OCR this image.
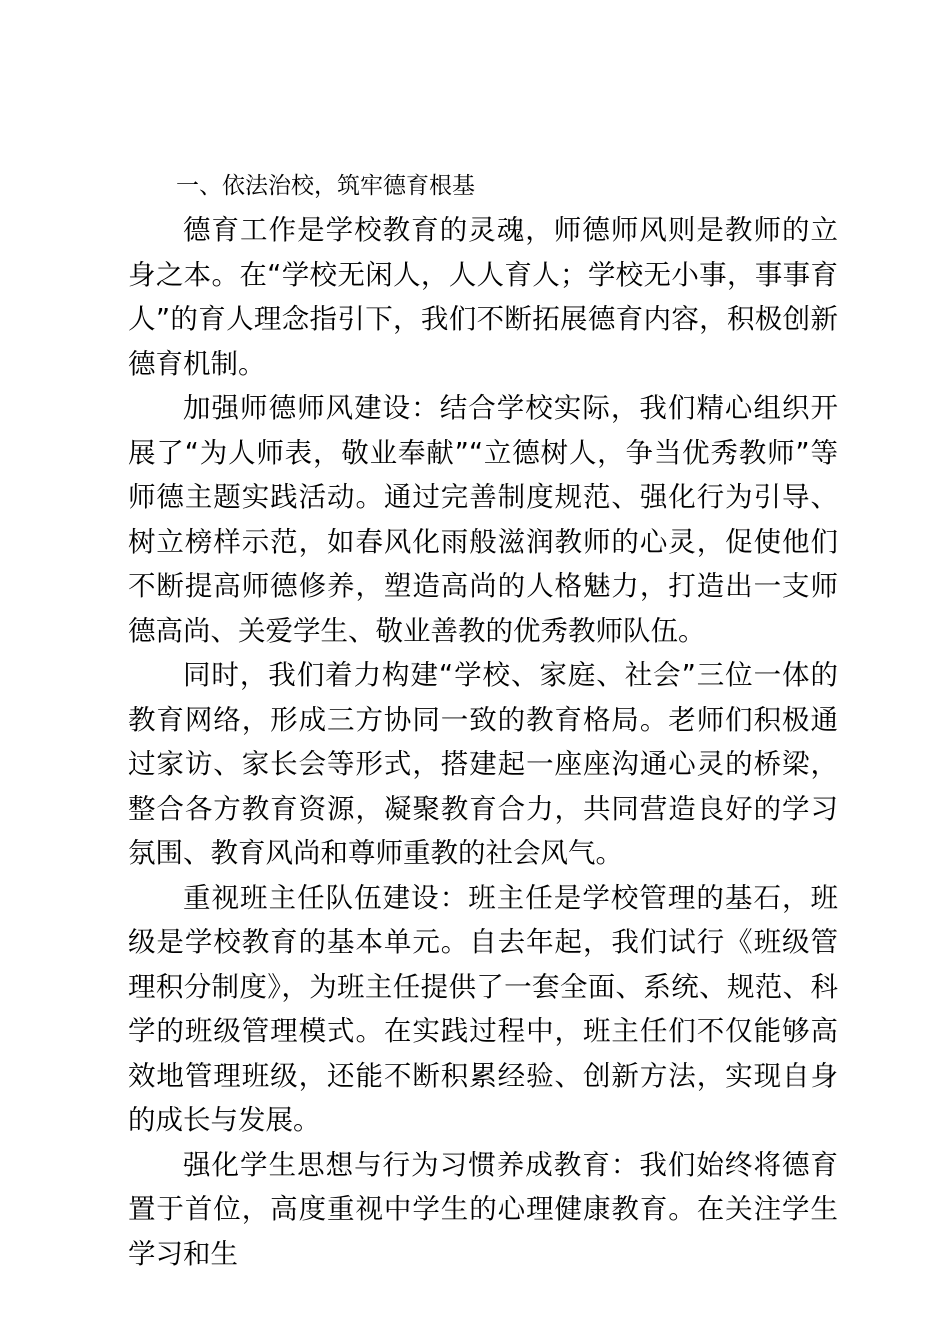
一、依法治校，筑牢德育根基

德育工作是学校教育的灵魂，师德师风则是教师的立身之本。在“学校无闲人，人人育人；学校无小事，事事育人”的育人理念指引下，我们不断拓展德育内容，积极创新德育机制。

加强师德师风建设：结合学校实际，我们精心组织开展了“为人师表，敬业奉献”“立德树人，争当优秀教师”等师德主题实践活动。通过完善制度规范、强化行为引导、树立榜样示范，如春风化雨般滋润教师的心灵，促使他们不断提高师德修养，塑造高尚的人格魅力，打造出一支师德高尚、关爱学生、敬业善教的优秀教师队伍。

同时，我们着力构建“学校、家庭、社会”三位一体的教育网络，形成三方协同一致的教育格局。老师们积极通过家访、家长会等形式，搭建起一座座沟通心灵的桥梁，整合各方教育资源，凝聚教育合力，共同营造良好的学习氛围、教育风尚和尊师重教的社会风气。

重视班主任队伍建设：班主任是学校管理的基石，班级是学校教育的基本单元。自去年起，我们试行《班级管理积分制度》，为班主任提供了一套全面、系统、规范、科学的班级管理模式。在实践过程中，班主任们不仅能够高效地管理班级，还能不断积累经验、创新方法，实现自身的成长与发展。

强化学生思想与行为习惯养成教育：我们始终将德育置于首位，高度重视中学生的心理健康教育。在关注学生学习和生
